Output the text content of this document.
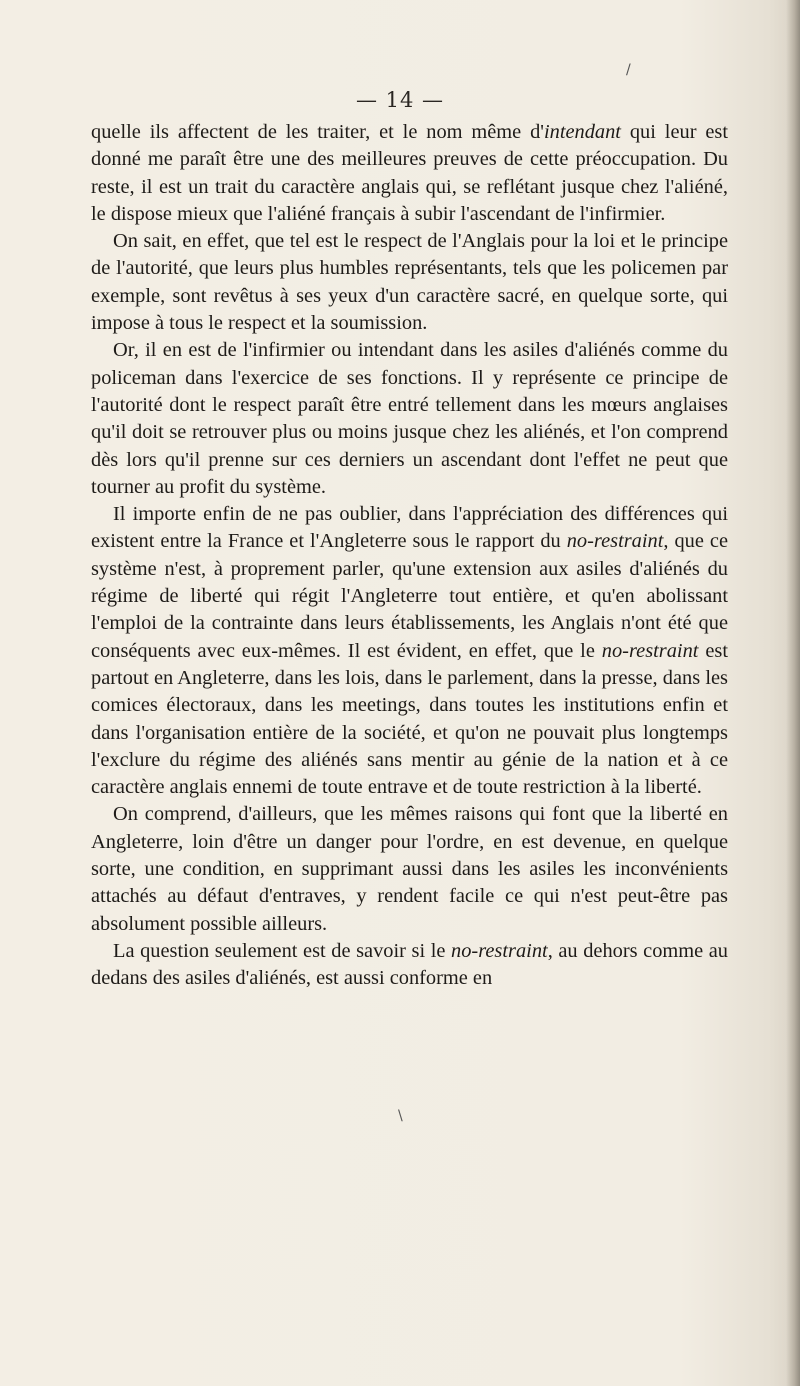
/
\
— 14 —

quelle ils affectent de les traiter, et le nom même d'intendant qui leur est donné me paraît être une des meilleures preuves de cette préoccupation. Du reste, il est un trait du caractère anglais qui, se reflétant jusque chez l'aliéné, le dispose mieux que l'aliéné français à subir l'ascendant de l'infirmier.

On sait, en effet, que tel est le respect de l'Anglais pour la loi et le principe de l'autorité, que leurs plus humbles représentants, tels que les policemen par exemple, sont revêtus à ses yeux d'un caractère sacré, en quelque sorte, qui impose à tous le respect et la soumission.

Or, il en est de l'infirmier ou intendant dans les asiles d'aliénés comme du policeman dans l'exercice de ses fonctions. Il y représente ce principe de l'autorité dont le respect paraît être entré tellement dans les mœurs anglaises qu'il doit se retrouver plus ou moins jusque chez les aliénés, et l'on comprend dès lors qu'il prenne sur ces derniers un ascendant dont l'effet ne peut que tourner au profit du système.

Il importe enfin de ne pas oublier, dans l'appréciation des différences qui existent entre la France et l'Angleterre sous le rapport du no-restraint, que ce système n'est, à proprement parler, qu'une extension aux asiles d'aliénés du régime de liberté qui régit l'Angleterre tout entière, et qu'en abolissant l'emploi de la contrainte dans leurs établissements, les Anglais n'ont été que conséquents avec eux-mêmes. Il est évident, en effet, que le no-restraint est partout en Angleterre, dans les lois, dans le parlement, dans la presse, dans les comices électoraux, dans les meetings, dans toutes les institutions enfin et dans l'organisation entière de la société, et qu'on ne pouvait plus longtemps l'exclure du régime des aliénés sans mentir au génie de la nation et à ce caractère anglais ennemi de toute entrave et de toute restriction à la liberté.

On comprend, d'ailleurs, que les mêmes raisons qui font que la liberté en Angleterre, loin d'être un danger pour l'ordre, en est devenue, en quelque sorte, une condition, en supprimant aussi dans les asiles les inconvénients attachés au défaut d'entraves, y rendent facile ce qui n'est peut-être pas absolument possible ailleurs.

La question seulement est de savoir si le no-restraint, au dehors comme au dedans des asiles d'aliénés, est aussi conforme en
